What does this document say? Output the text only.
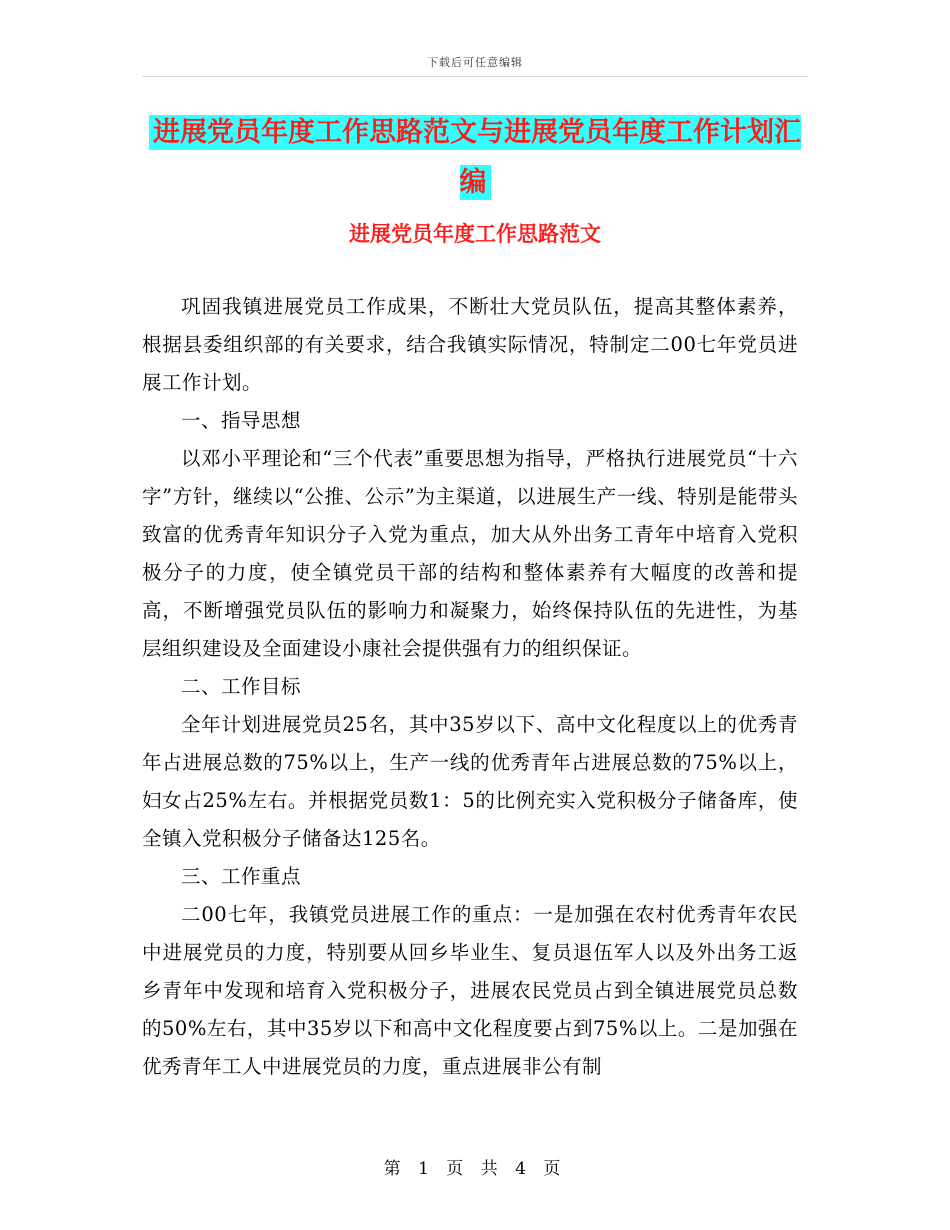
下载后可任意编辑
进展党员年度工作思路范文与进展党员年度工作计划汇编
进展党员年度工作思路范文

巩固我镇进展党员工作成果，不断壮大党员队伍，提高其整体素养，根据县委组织部的有关要求，结合我镇实际情况，特制定二00七年党员进展工作计划。

一、指导思想

以邓小平理论和“三个代表”重要思想为指导，严格执行进展党员“十六字”方针，继续以“公推、公示”为主渠道，以进展生产一线、特别是能带头致富的优秀青年知识分子入党为重点，加大从外出务工青年中培育入党积极分子的力度，使全镇党员干部的结构和整体素养有大幅度的改善和提高，不断增强党员队伍的影响力和凝聚力，始终保持队伍的先进性，为基层组织建设及全面建设小康社会提供强有力的组织保证。

二、工作目标

全年计划进展党员25名，其中35岁以下、高中文化程度以上的优秀青年占进展总数的75%以上，生产一线的优秀青年占进展总数的75%以上，妇女占25%左右。并根据党员数1：5的比例充实入党积极分子储备库，使全镇入党积极分子储备达125名。

三、工作重点

二00七年，我镇党员进展工作的重点：一是加强在农村优秀青年农民中进展党员的力度，特别要从回乡毕业生、复员退伍军人以及外出务工返乡青年中发现和培育入党积极分子，进展农民党员占到全镇进展党员总数的50%左右，其中35岁以下和高中文化程度要占到75%以上。二是加强在优秀青年工人中进展党员的力度，重点进展非公有制

第 1 页 共 4 页
